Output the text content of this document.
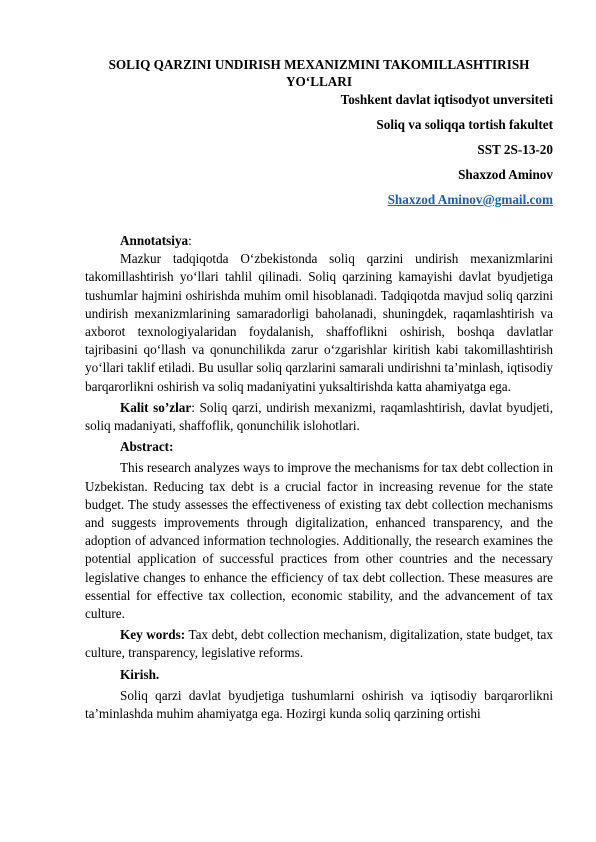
SOLIQ QARZINI UNDIRISH MEXANIZMINI TAKOMILLASHTIRISH YO‘LLARI
Toshkent davlat iqtisodyot unversiteti
Soliq va soliqqa tortish fakultet
SST 2S-13-20
Shaxzod Aminov
Shaxzod Aminov@gmail.com

Annotatsiya:

Mazkur tadqiqotda O‘zbekistonda soliq qarzini undirish mexanizmlarini takomillashtirish yo‘llari tahlil qilinadi. Soliq qarzining kamayishi davlat byudjetiga tushumlar hajmini oshirishda muhim omil hisoblanadi. Tadqiqotda mavjud soliq qarzini undirish mexanizmlarining samaradorligi baholanadi, shuningdek, raqamlashtirish va axborot texnologiyalaridan foydalanish, shaffoflikni oshirish, boshqa davlatlar tajribasini qo‘llash va qonunchilikda zarur o‘zgarishlar kiritish kabi takomillashtirish yo‘llari taklif etiladi. Bu usullar soliq qarzlarini samarali undirishni ta’minlash, iqtisodiy barqarorlikni oshirish va soliq madaniyatini yuksaltirishda katta ahamiyatga ega.

Kalit so’zlar: Soliq qarzi, undirish mexanizmi, raqamlashtirish, davlat byudjeti, soliq madaniyati, shaffoflik, qonunchilik islohotlari.

Abstract:

This research analyzes ways to improve the mechanisms for tax debt collection in Uzbekistan. Reducing tax debt is a crucial factor in increasing revenue for the state budget. The study assesses the effectiveness of existing tax debt collection mechanisms and suggests improvements through digitalization, enhanced transparency, and the adoption of advanced information technologies. Additionally, the research examines the potential application of successful practices from other countries and the necessary legislative changes to enhance the efficiency of tax debt collection. These measures are essential for effective tax collection, economic stability, and the advancement of tax culture.

Key words: Tax debt, debt collection mechanism, digitalization, state budget, tax culture, transparency, legislative reforms.

Kirish.

Soliq qarzi davlat byudjetiga tushumlarni oshirish va iqtisodiy barqarorlikni ta’minlashda muhim ahamiyatga ega. Hozirgi kunda soliq qarzining ortishi
